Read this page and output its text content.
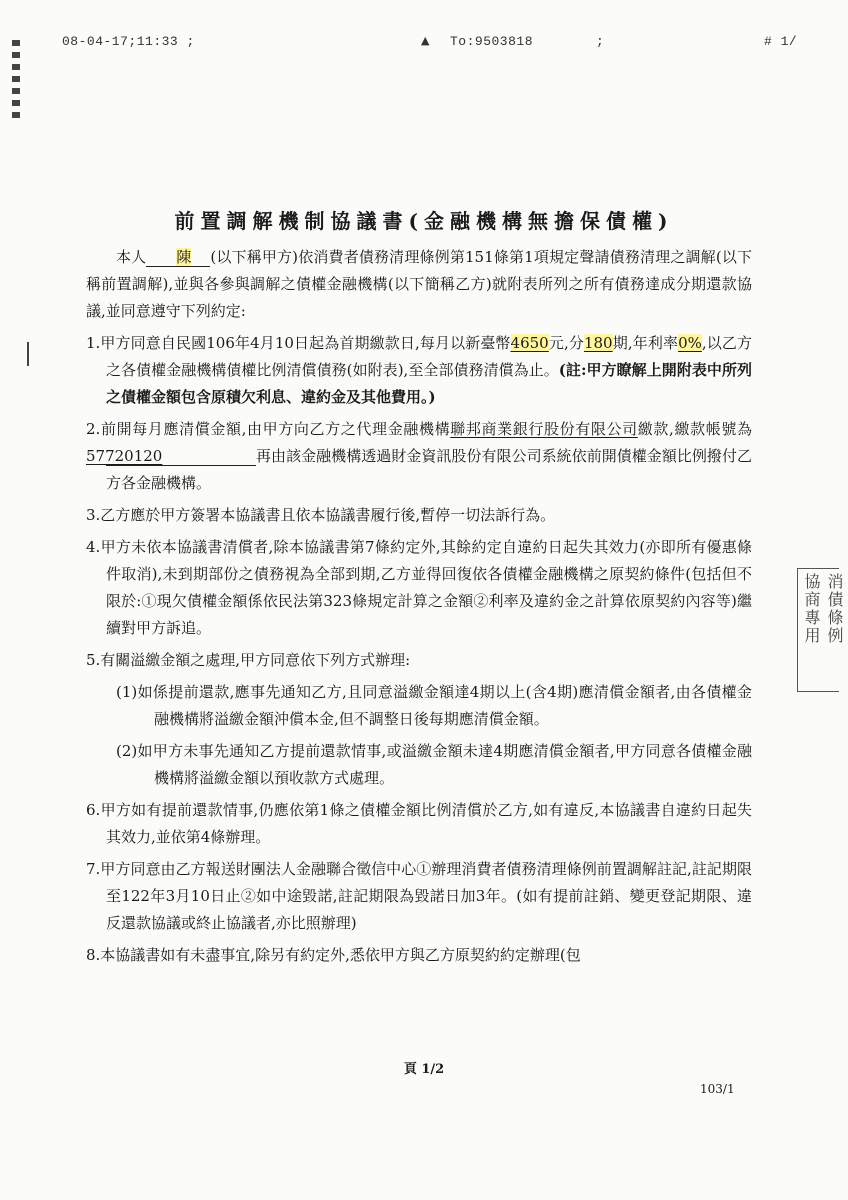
08-04-17;11:33 ;	▲ To:9503818	;	# 1/
前置調解機制協議書(金融機構無擔保債權)

本人 陳 (以下稱甲方)依消費者債務清理條例第151條第1項規定聲請債務清理之調解(以下稱前置調解),並與各參與調解之債權金融機構(以下簡稱乙方)就附表所列之所有債務達成分期還款協議,並同意遵守下列約定:

1.甲方同意自民國106年4月10日起為首期繳款日,每月以新臺幣4650元,分180期,年利率0%,以乙方之各債權金融機構債權比例清償債務(如附表),至全部債務清償為止。(註:甲方瞭解上開附表中所列之債權金額包含原積欠利息、違約金及其他費用。)

2.前開每月應清償金額,由甲方向乙方之代理金融機構聯邦商業銀行股份有限公司繳款,繳款帳號為57720120	再由該金融機構透過財金資訊股份有限公司系統依前開債權金額比例撥付乙方各金融機構。

3.乙方應於甲方簽署本協議書且依本協議書履行後,暫停一切法訴行為。

4.甲方未依本協議書清償者,除本協議書第7條約定外,其餘約定自違約日起失其效力(亦即所有優惠條件取消),未到期部份之債務視為全部到期,乙方並得回復依各債權金融機構之原契約條件(包括但不限於:①現欠債權金額係依民法第323條規定計算之金額②利率及違約金之計算依原契約內容等)繼續對甲方訴追。

5.有關溢繳金額之處理,甲方同意依下列方式辦理:

(1)如係提前還款,應事先通知乙方,且同意溢繳金額達4期以上(含4期)應清償金額者,由各債權金融機構將溢繳金額沖償本金,但不調整日後每期應清償金額。

(2)如甲方未事先通知乙方提前還款情事,或溢繳金額未達4期應清償金額者,甲方同意各債權金融機構將溢繳金額以預收款方式處理。

6.甲方如有提前還款情事,仍應依第1條之債權金額比例清償於乙方,如有違反,本協議書自違約日起失其效力,並依第4條辦理。

7.甲方同意由乙方報送財團法人金融聯合徵信中心①辦理消費者債務清理條例前置調解註記,註記期限至122年3月10日止②如中途毀諾,註記期限為毀諾日加3年。(如有提前註銷、變更登記期限、違反還款協議或終止協議者,亦比照辦理)

8.本協議書如有未盡事宜,除另有約定外,悉依甲方與乙方原契約約定辦理(包

消債條例
協商專用
頁 1/2
103/1
